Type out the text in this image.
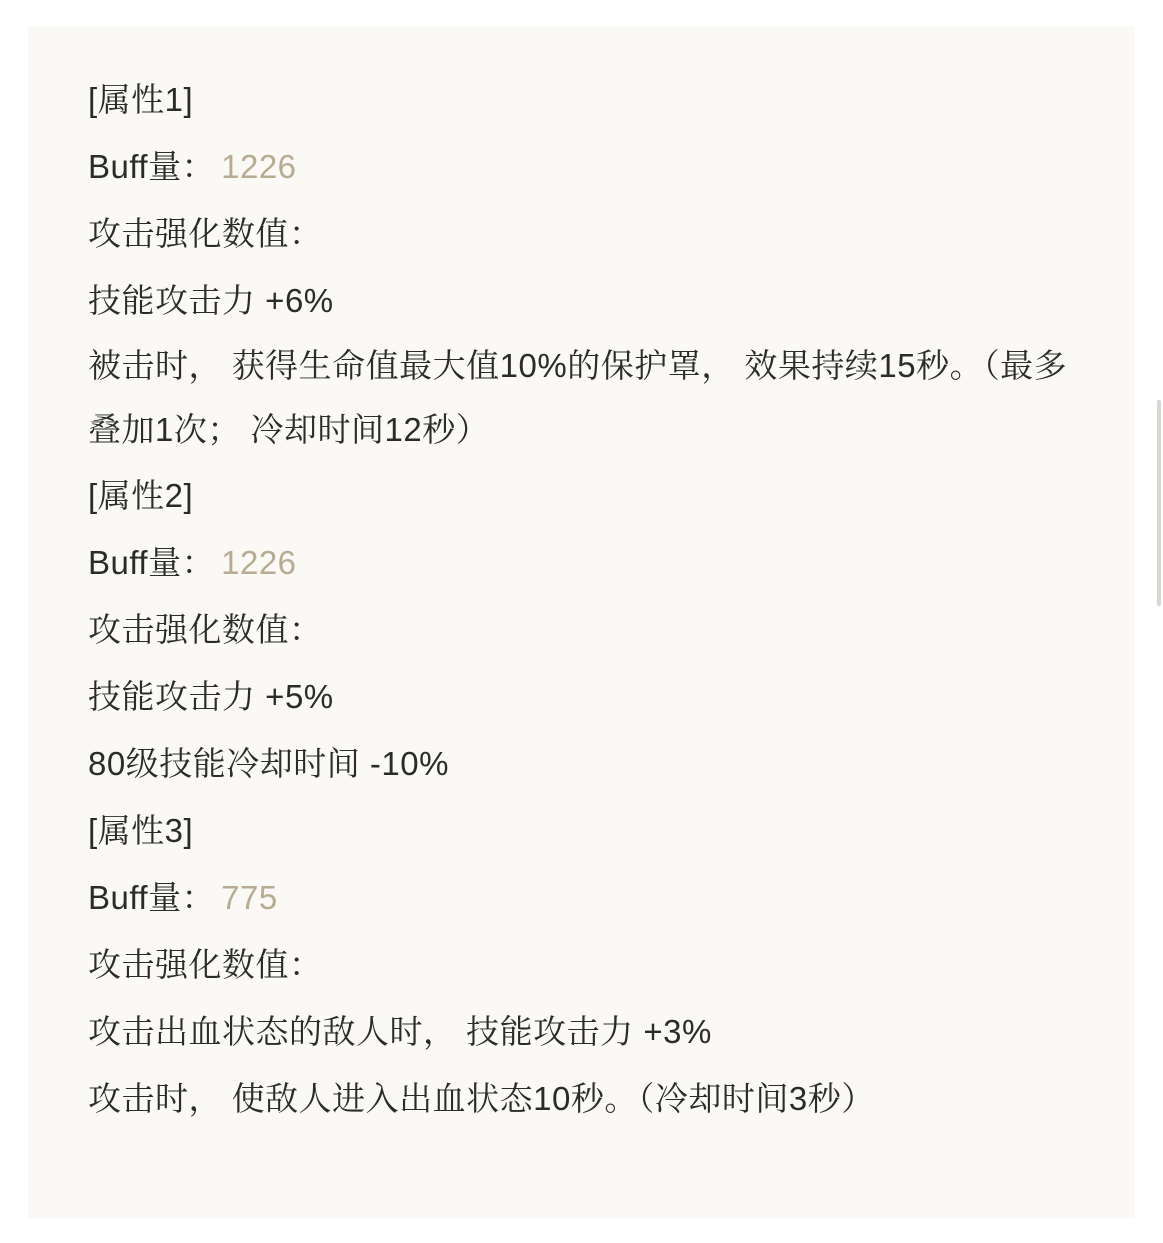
[属性1]
Buff量： 1226
攻击强化数值：
技能攻击力 +6%
被击时， 获得生命值最大值10%的保护罩， 效果持续15秒。（最多叠加1次； 冷却时间12秒）
[属性2]
Buff量： 1226
攻击强化数值：
技能攻击力 +5%
80级技能冷却时间 -10%
[属性3]
Buff量： 775
攻击强化数值：
攻击出血状态的敌人时， 技能攻击力 +3%
攻击时， 使敌人进入出血状态10秒。（冷却时间3秒）
